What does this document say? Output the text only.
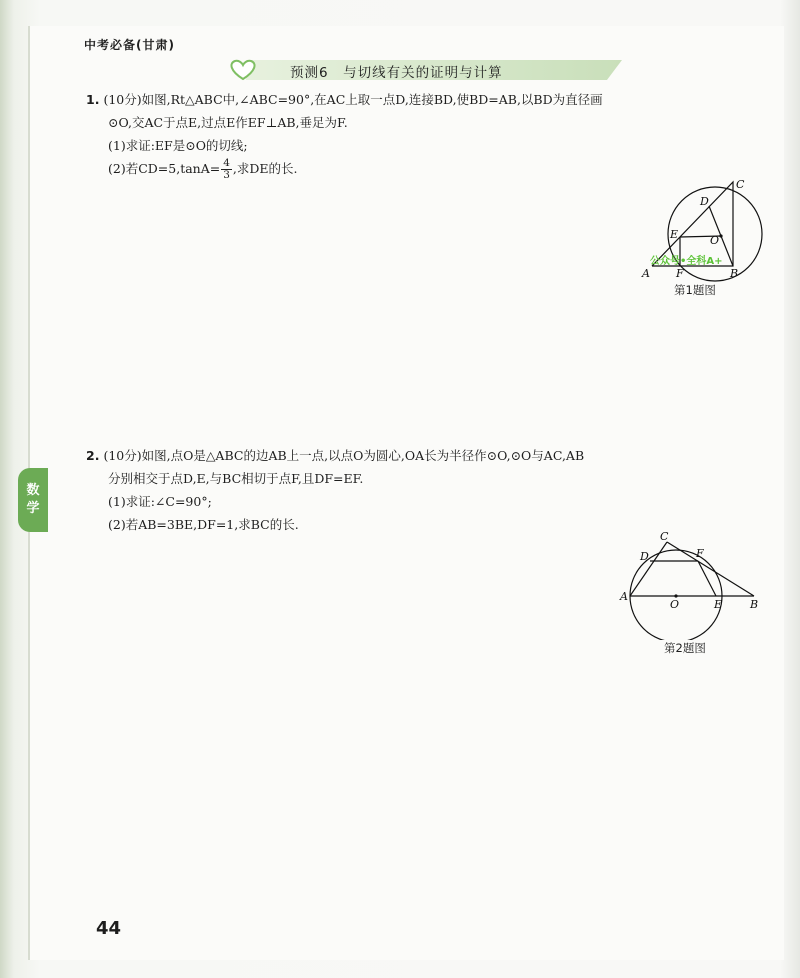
中考必备(甘肃)
预测6　与切线有关的证明与计算
数
学
1. (10分)如图,Rt△ABC中,∠ABC=90°,在AC上取一点D,连接BD,使BD=AB,以BD为直径画
⊙O,交AC于点E,过点E作EF⊥AB,垂足为F.
(1)求证:EF是⊙O的切线;
(2)若$CD=5,\tan A= \frac{4}{3}$ ,求DE的长.
A	B
C
D
E
F
O
公众号•全科A+
第1题图
2. (10分)如图,点O是△ABC的边AB上一点,以点O为圆心,OA长为半径作⊙O,⊙O与AC,AB
分别相交于点D,E,与BC相切于点F,且DF=EF.
(1)求证:∠C=90°;
(2)若AB=3BE,DF=1,求BC的长.
A
B
C
D
E
F
O
第2题图
44
